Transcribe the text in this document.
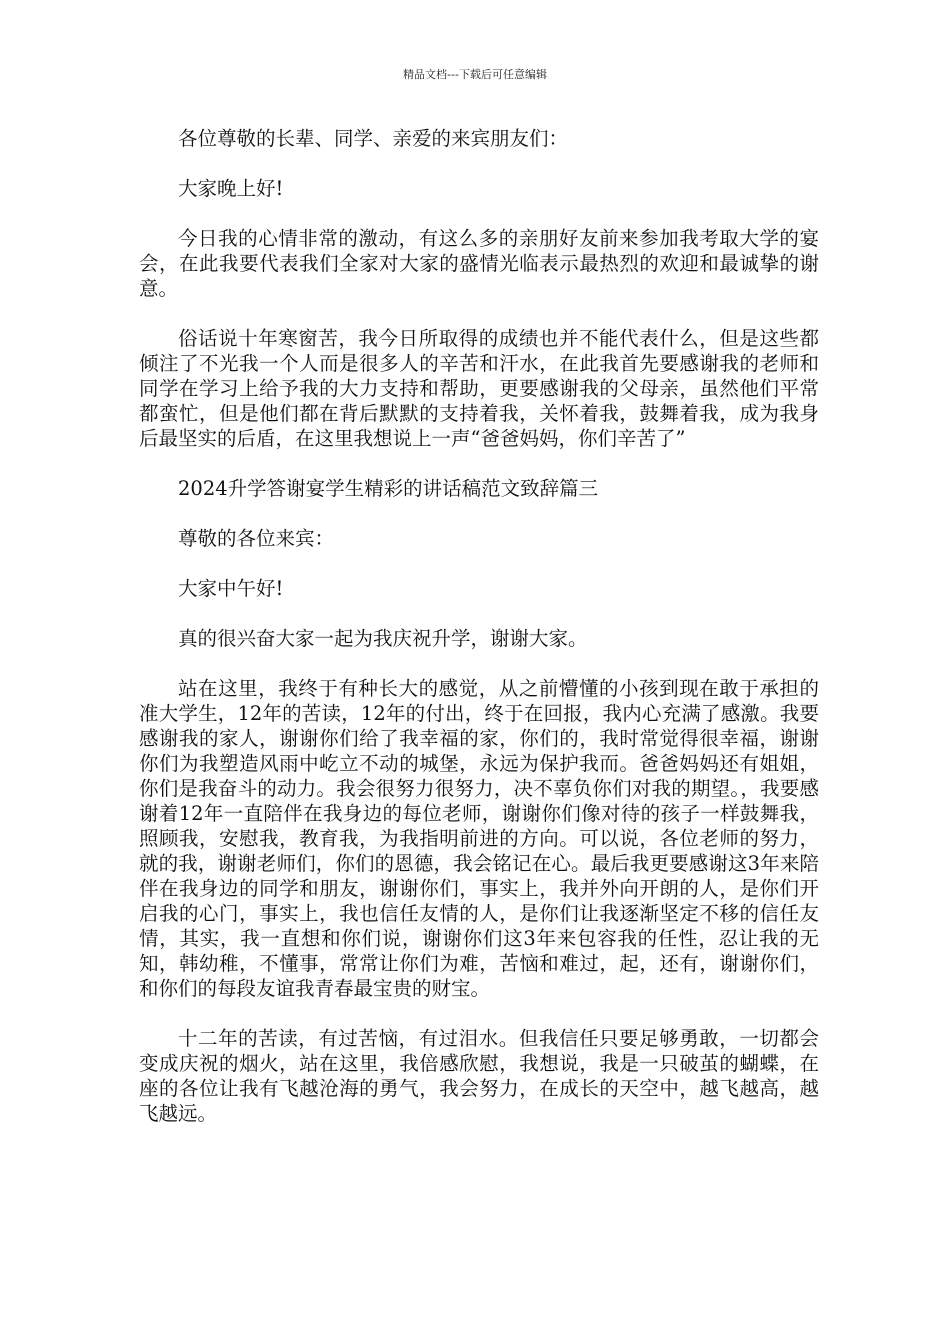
精品文档---下载后可任意编辑

各位尊敬的长辈、同学、亲爱的来宾朋友们：

大家晚上好!

今日我的心情非常的激动，有这么多的亲朋好友前来参加我考取大学的宴会，在此我要代表我们全家对大家的盛情光临表示最热烈的欢迎和最诚挚的谢意。

俗话说十年寒窗苦，我今日所取得的成绩也并不能代表什么，但是这些都倾注了不光我一个人而是很多人的辛苦和汗水，在此我首先要感谢我的老师和同学在学习上给予我的大力支持和帮助，更要感谢我的父母亲，虽然他们平常都蛮忙，但是他们都在背后默默的支持着我，关怀着我，鼓舞着我，成为我身后最坚实的后盾，在这里我想说上一声“爸爸妈妈，你们辛苦了”

2024升学答谢宴学生精彩的讲话稿范文致辞篇三

尊敬的各位来宾：

大家中午好!

真的很兴奋大家一起为我庆祝升学，谢谢大家。

站在这里，我终于有种长大的感觉，从之前懵懂的小孩到现在敢于承担的准大学生，12年的苦读，12年的付出，终于在回报，我内心充满了感激。我要感谢我的家人，谢谢你们给了我幸福的家，你们的，我时常觉得很幸福，谢谢你们为我塑造风雨中屹立不动的城堡，永远为保护我而。爸爸妈妈还有姐姐，你们是我奋斗的动力。我会很努力很努力，决不辜负你们对我的期望。，我要感谢着12年一直陪伴在我身边的每位老师，谢谢你们像对待的孩子一样鼓舞我，照顾我，安慰我，教育我，为我指明前进的方向。可以说，各位老师的努力，就的我，谢谢老师们，你们的恩德，我会铭记在心。最后我更要感谢这3年来陪伴在我身边的同学和朋友，谢谢你们，事实上，我并外向开朗的人，是你们开启我的心门，事实上，我也信任友情的人，是你们让我逐渐坚定不移的信任友情，其实，我一直想和你们说，谢谢你们这3年来包容我的任性，忍让我的无知，韩幼稚，不懂事，常常让你们为难，苦恼和难过，起，还有，谢谢你们，和你们的每段友谊我青春最宝贵的财宝。

十二年的苦读，有过苦恼，有过泪水。但我信任只要足够勇敢，一切都会变成庆祝的烟火，站在这里，我倍感欣慰，我想说，我是一只破茧的蝴蝶，在座的各位让我有飞越沧海的勇气，我会努力，在成长的天空中，越飞越高，越飞越远。
